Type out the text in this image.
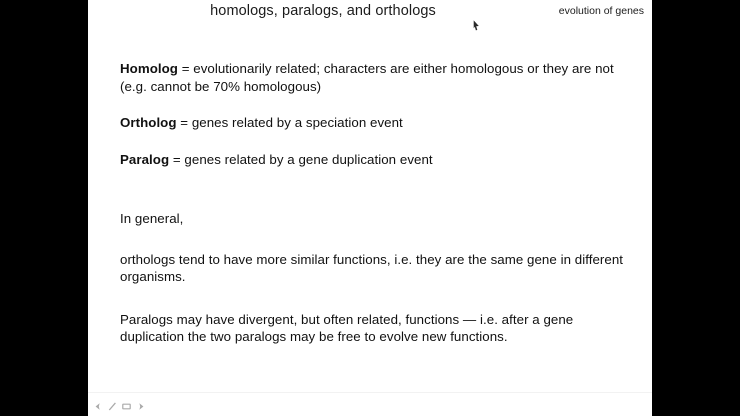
homologs, paralogs, and orthologs	evolution of genes

Homolog = evolutionarily related; characters are either homologous or they are not (e.g. cannot be 70% homologous)

Ortholog = genes related by a speciation event

Paralog = genes related by a gene duplication event

In general,

orthologs tend to have more similar functions, i.e. they are the same gene in different organisms.

Paralogs may have divergent, but often related, functions — i.e. after a gene duplication the two paralogs may be free to evolve new functions.
